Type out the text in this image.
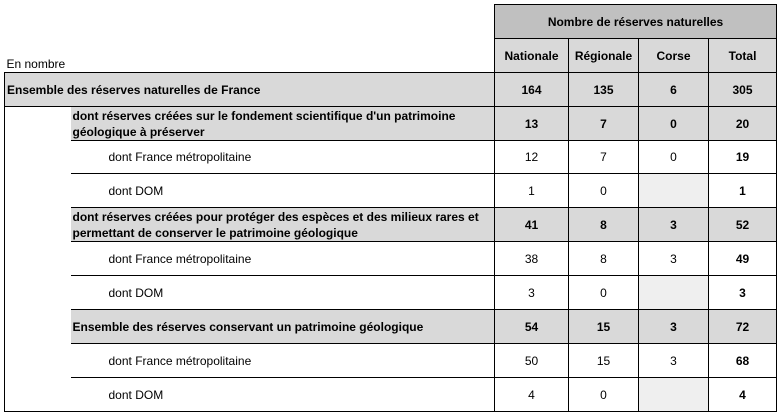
		Nombre de réserves naturelles			
En nombre		Nationale	Régionale	Corse	Total
Ensemble des réserves naturelles de France		164	135	6	305
	dont réserves créées sur le fondement scientifique d'un patrimoine géologique à préserver	13	7	0	20
	dont France métropolitaine	12	7	0	19
	dont DOM	1	0		1
	dont réserves créées pour protéger des espèces et des milieux rares et permettant de conserver le patrimoine géologique	41	8	3	52
	dont France métropolitaine	38	8	3	49
	dont DOM	3	0		3
	Ensemble des réserves conservant un patrimoine géologique	54	15	3	72
	dont France métropolitaine	50	15	3	68
	dont DOM	4	0		4
